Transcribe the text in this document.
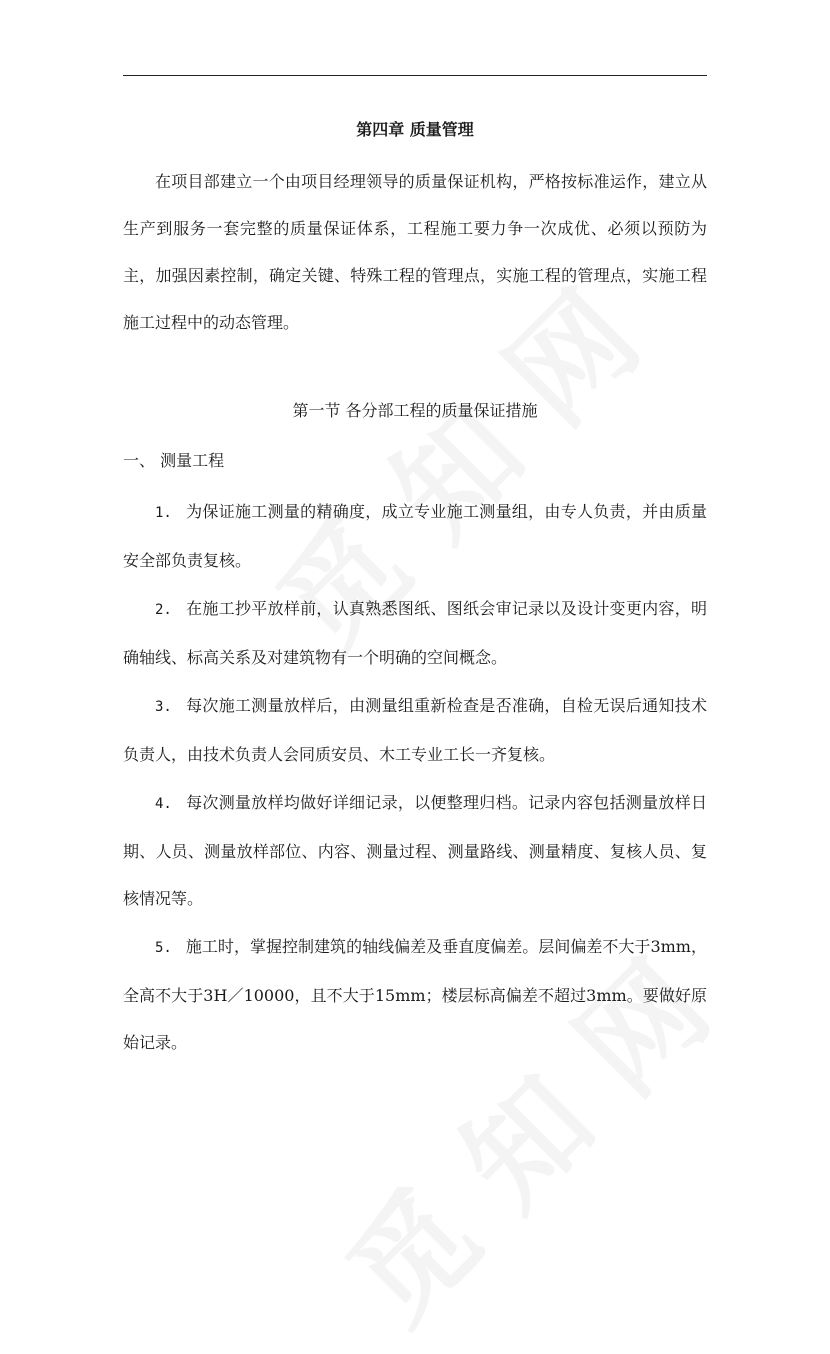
第四章 质量管理

在项目部建立一个由项目经理领导的质量保证机构，严格按标准运作，建立从生产到服务一套完整的质量保证体系，工程施工要力争一次成优、必须以预防为主，加强因素控制，确定关键、特殊工程的管理点，实施工程的管理点，实施工程施工过程中的动态管理。

第一节 各分部工程的质量保证措施

一、 测量工程

1. 为保证施工测量的精确度，成立专业施工测量组，由专人负责，并由质量安全部负责复核。

2. 在施工抄平放样前，认真熟悉图纸、图纸会审记录以及设计变更内容，明确轴线、标高关系及对建筑物有一个明确的空间概念。

3. 每次施工测量放样后，由测量组重新检查是否准确，自检无误后通知技术负责人，由技术负责人会同质安员、木工专业工长一齐复核。

4. 每次测量放样均做好详细记录，以便整理归档。记录内容包括测量放样日期、人员、测量放样部位、内容、测量过程、测量路线、测量精度、复核人员、复核情况等。

5. 施工时，掌握控制建筑的轴线偏差及垂直度偏差。层间偏差不大于3mm，全高不大于3H／10000，且不大于15mm；楼层标高偏差不超过3mm。要做好原始记录。
